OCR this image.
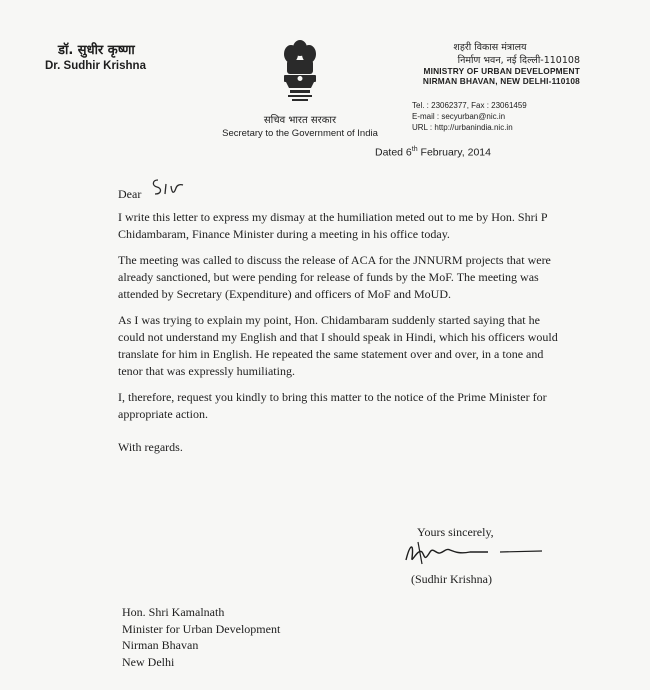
डॉ. सुधीर कृष्णा
Dr. Sudhir Krishna
सचिव भारत सरकार
Secretary to the Government of India
शहरी विकास मंत्रालय
निर्माण भवन, नई दिल्ली-110108
MINISTRY OF URBAN DEVELOPMENT
NIRMAN BHAVAN, NEW DELHI-110108
Tel. : 23062377, Fax : 23061459
E-mail : secyurban@nic.in
URL : http://urbanindia.nic.in
Dated 6th February, 2014
Dear

I write this letter to express my dismay at the humiliation meted out to me by Hon. Shri P Chidambaram, Finance Minister during a meeting in his office today.

The meeting was called to discuss the release of ACA for the JNNURM projects that were already sanctioned, but were pending for release of funds by the MoF. The meeting was attended by Secretary (Expenditure) and officers of MoF and MoUD.

As I was trying to explain my point, Hon. Chidambaram suddenly started saying that he could not understand my English and that I should speak in Hindi, which his officers would translate for him in English. He repeated the same statement over and over, in a tone and tenor that was expressly humiliating.

I, therefore, request you kindly to bring this matter to the notice of the Prime Minister for appropriate action.

With regards.

Yours sincerely,
(Sudhir Krishna)
Hon. Shri Kamalnath
Minister for Urban Development
Nirman Bhavan
New Delhi
